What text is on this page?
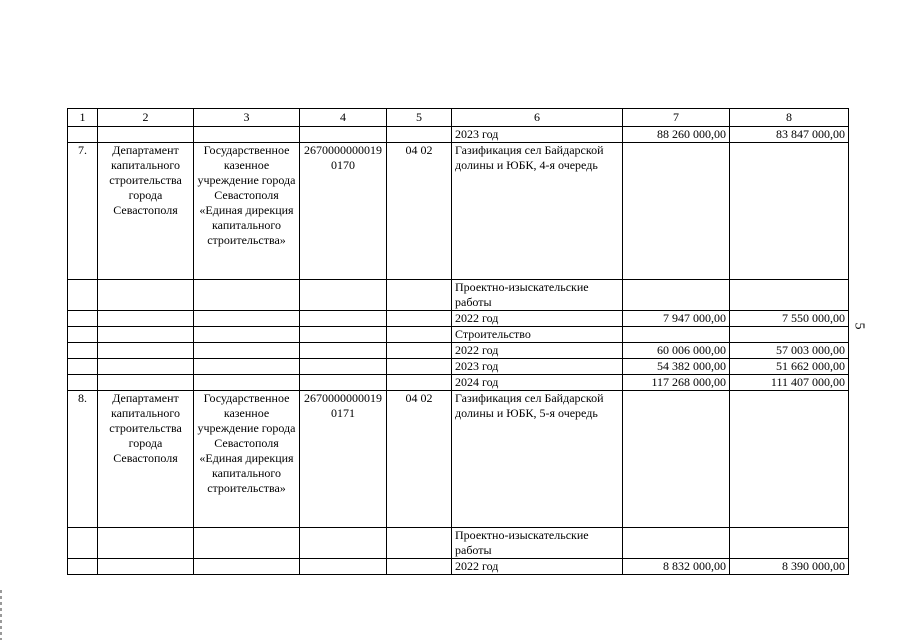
1	2	3	4	5	6	7	8
					2023 год	88 260 000,00	83 847 000,00
7.	Департамент капитального строительства города Севастополя	Государственное казенное учреждение города Севастополя «Единая дирекция капитального строительства»	26700000000190170	04 02	Газификация сел Байдарской долины и ЮБК, 4-я очередь		
					Проектно-изыскательские работы		
					2022 год	7 947 000,00	7 550 000,00
					Строительство		
					2022 год	60 006 000,00	57 003 000,00
					2023 год	54 382 000,00	51 662 000,00
					2024 год	117 268 000,00	111 407 000,00
8.	Департамент капитального строительства города Севастополя	Государственное казенное учреждение города Севастополя «Единая дирекция капитального строительства»	26700000000190171	04 02	Газификация сел Байдарской долины и ЮБК, 5-я очередь		
					Проектно-изыскательские работы		
					2022 год	8 832 000,00	8 390 000,00
5
